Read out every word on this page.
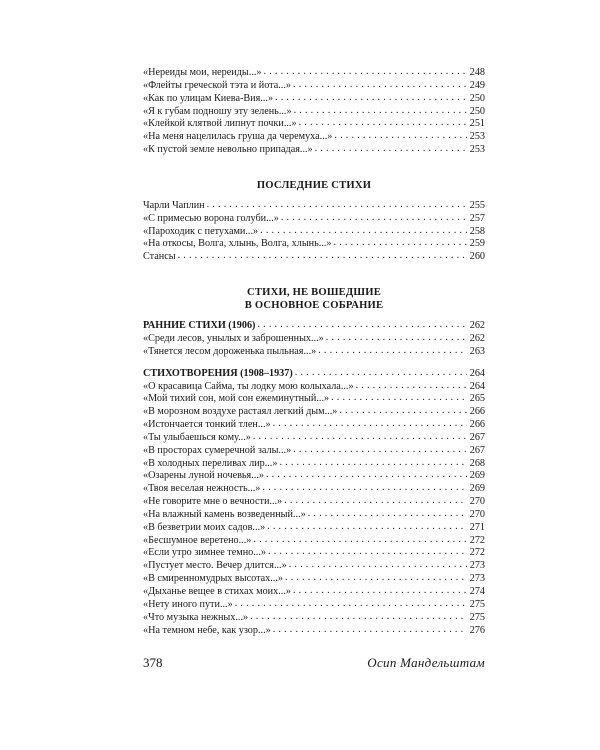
«Нереиды мои, нереиды...» . . .	248
«Флейты греческой тэта и йота...» . . .	249
«Как по улицам Киева-Вия...» . . .	250
«Я к губам подношу эту зелень...» . . .	250
«Клейкой клятвой липнут почки...» . . .	251
«На меня нацелилась груша да черемуха...» . . .	253
«К пустой земле невольно припадая...» . . .	253
ПОСЛЕДНИЕ СТИХИ
Чарли Чаплин . . .	255
«С примесью ворона голуби...» . . .	257
«Пароходик с петухами...» . . .	258
«На откосы, Волга, хлынь, Волга, хлынь...» . . .	259
Стансы . . .	260
СТИХИ, НЕ ВОШЕДШИЕ
В ОСНОВНОЕ СОБРАНИЕ
РАННИЕ СТИХИ (1906) . . .	262
«Среди лесов, унылых и заброшенных...» . . .	262
«Тянется лесом дороженька пыльная...» . . .	263
СТИХОТВОРЕНИЯ (1908–1937) . . .	264
«О красавица Сайма, ты лодку мою колыхала...» . . .	264
«Мой тихий сон, мой сон ежеминутный...» . . .	265
«В морозном воздухе растаял легкий дым...» . . .	266
«Истончается тонкий тлен...» . . .	266
«Ты улыбаешься кому...» . . .	267
«В просторах сумеречной залы...» . . .	267
«В холодных переливах лир...» . . .	268
«Озарены луной ночевья...» . . .	269
«Твоя веселая нежность...» . . .	269
«Не говорите мне о вечности...» . . .	270
«На влажный камень возведенный...» . . .	270
«В безветрии моих садов...» . . .	271
«Бесшумное веретено...» . . .	272
«Если утро зимнее темно...» . . .	272
«Пустует место. Вечер длится...» . . .	273
«В смиренномудрых высотах...» . . .	273
«Дыханье вещее в стихах моих...» . . .	274
«Нету иного пути...» . . .	275
«Что музыка нежных...» . . .	275
«На темном небе, как узор...» . . .	276
378	Осип Мандельштам
